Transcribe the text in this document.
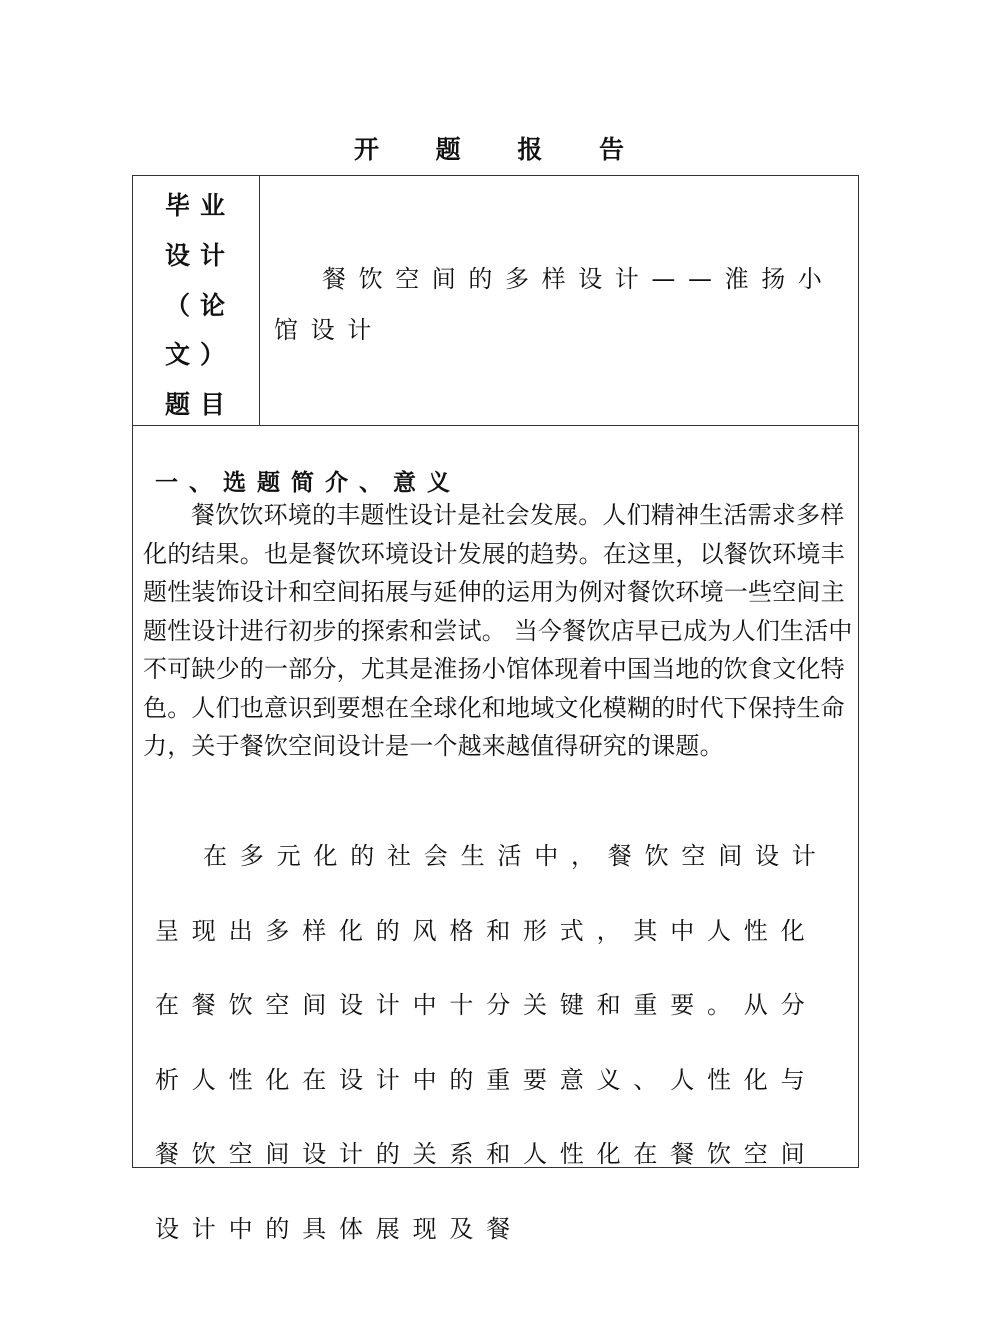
开 题 报 告
毕业
设计
（论
文）
题目
餐饮空间的多样设计——淮扬小馆设计
一、选题简介、意义
餐饮饮环境的丰题性设计是社会发展。人们精神生活需求多样化的结果。也是餐饮环境设计发展的趋势。在这里，以餐饮环境丰题性装饰设计和空间拓展与延伸的运用为例对餐饮环境一些空间主题性设计进行初步的探索和尝试。 当今餐饮店早已成为人们生活中不可缺少的一部分，尤其是淮扬小馆体现着中国当地的饮食文化特色。人们也意识到要想在全球化和地域文化模糊的时代下保持生命力，关于餐饮空间设计是一个越来越值得研究的课题。
在多元化的社会生活中，餐饮空间设计呈现出多样化的风格和形式，其中人性化在餐饮空间设计中十分关键和重要。从分析人性化在设计中的重要意义、人性化与餐饮空间设计的关系和人性化在餐饮空间设计中的具体展现及餐
